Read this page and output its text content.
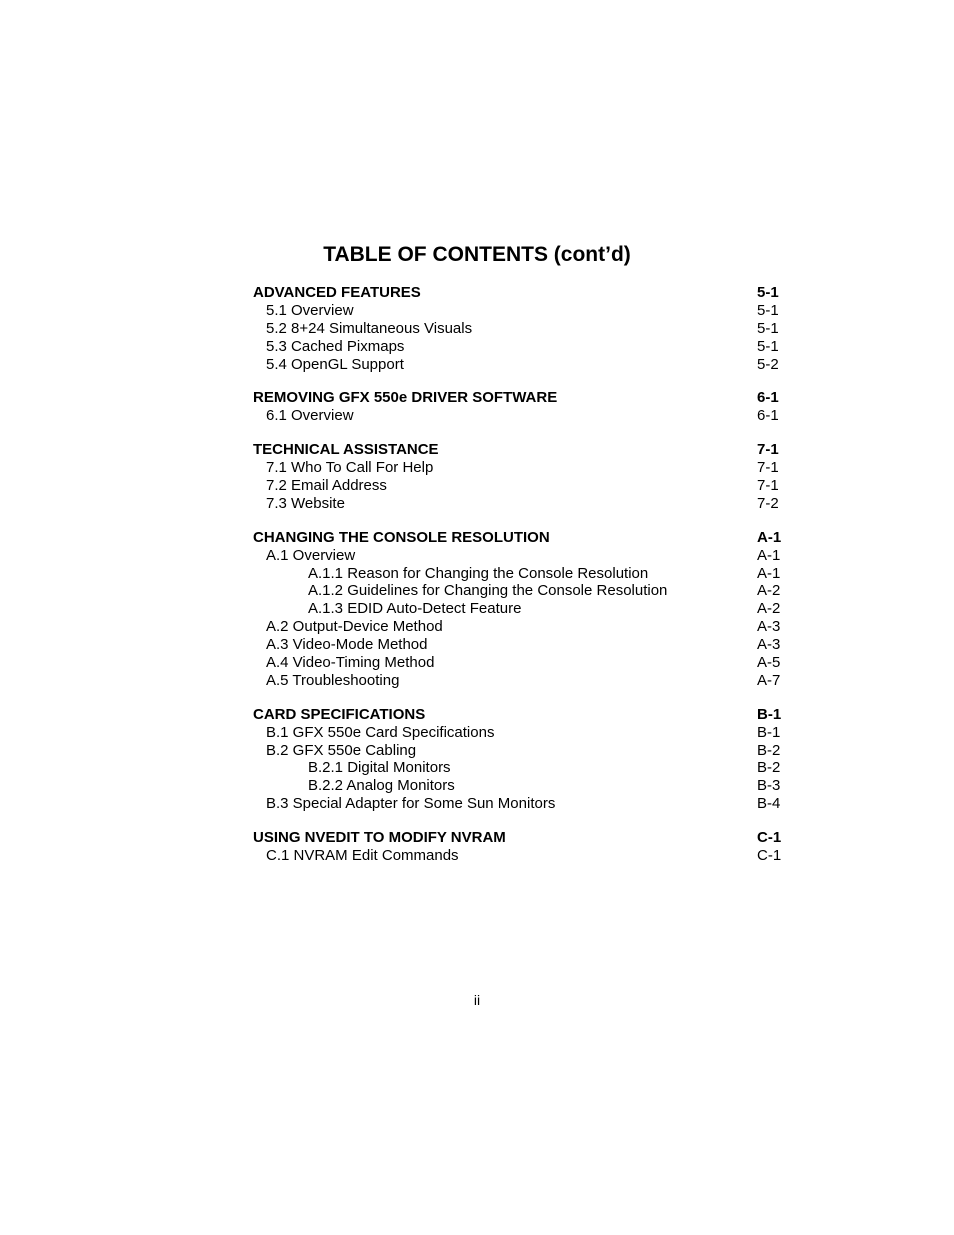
TABLE OF CONTENTS (cont’d)
ADVANCED FEATURES	5-1
5.1 Overview	5-1
5.2 8+24 Simultaneous Visuals	5-1
5.3 Cached Pixmaps	5-1
5.4 OpenGL Support	5-2
REMOVING GFX 550e DRIVER SOFTWARE	6-1
6.1 Overview	6-1
TECHNICAL ASSISTANCE	7-1
7.1 Who To Call For Help	7-1
7.2 Email Address	7-1
7.3 Website	7-2
CHANGING THE CONSOLE RESOLUTION	A-1
A.1 Overview	A-1
A.1.1 Reason for Changing the Console Resolution	A-1
A.1.2 Guidelines for Changing the Console Resolution	A-2
A.1.3 EDID Auto-Detect Feature	A-2
A.2 Output-Device Method	A-3
A.3 Video-Mode Method	A-3
A.4 Video-Timing Method	A-5
A.5 Troubleshooting	A-7
CARD SPECIFICATIONS	B-1
B.1 GFX 550e Card Specifications	B-1
B.2 GFX 550e Cabling	B-2
B.2.1 Digital Monitors	B-2
B.2.2 Analog Monitors	B-3
B.3 Special Adapter for Some Sun Monitors	B-4
USING NVEDIT TO MODIFY NVRAM	C-1
C.1 NVRAM Edit Commands	C-1
ii
